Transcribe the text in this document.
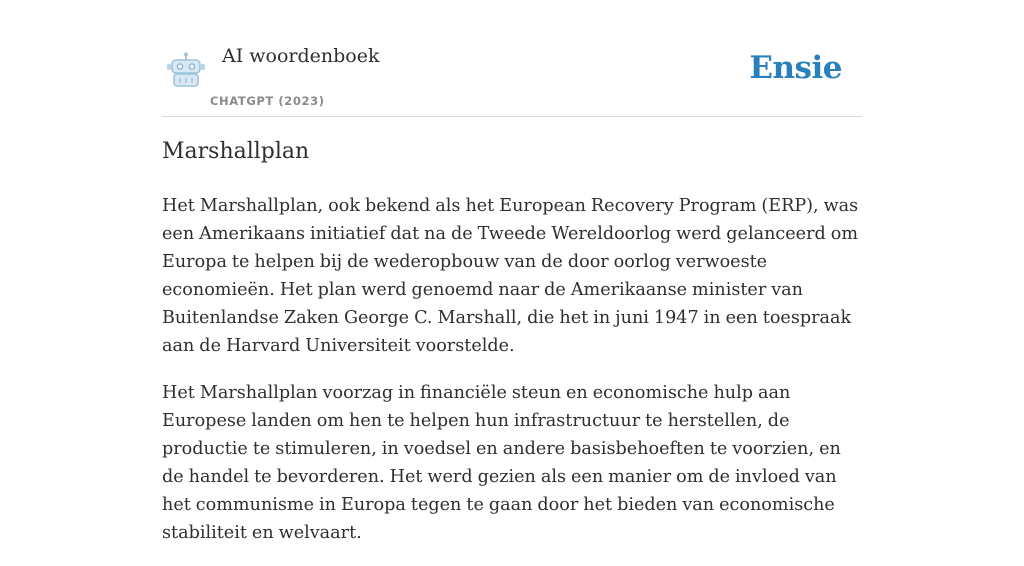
AI woordenboek
CHATGPT (2023)
Ensie
Marshallplan

Het Marshallplan, ook bekend als het European Recovery Program (ERP), was een Amerikaans initiatief dat na de Tweede Wereldoorlog werd gelanceerd om Europa te helpen bij de wederopbouw van de door oorlog verwoeste economieën. Het plan werd genoemd naar de Amerikaanse minister van Buitenlandse Zaken George C. Marshall, die het in juni 1947 in een toespraak aan de Harvard Universiteit voorstelde.

Het Marshallplan voorzag in financiële steun en economische hulp aan Europese landen om hen te helpen hun infrastructuur te herstellen, de productie te stimuleren, in voedsel en andere basisbehoeften te voorzien, en de handel te bevorderen. Het werd gezien als een manier om de invloed van het communisme in Europa tegen te gaan door het bieden van economische stabiliteit en welvaart.
